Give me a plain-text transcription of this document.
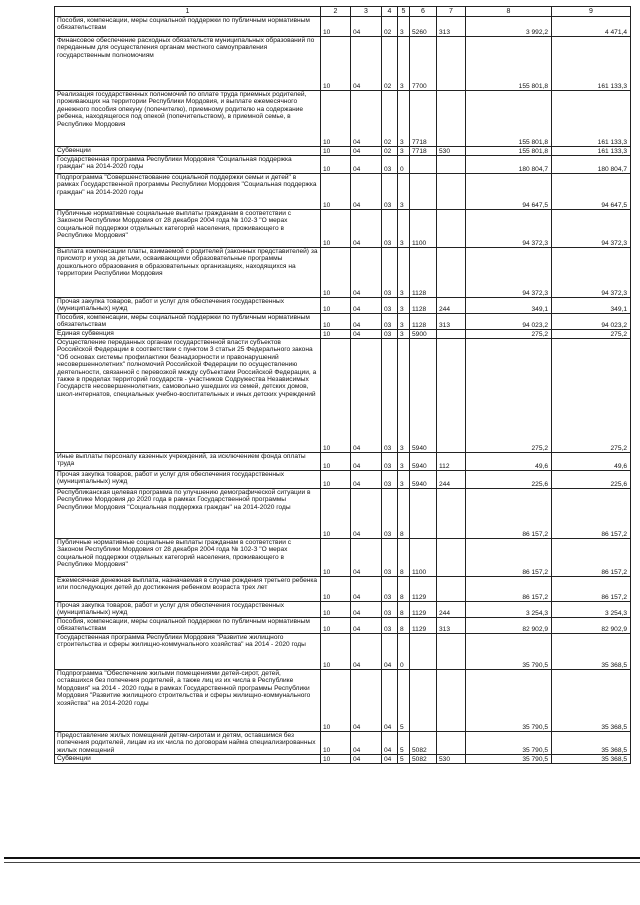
1	2	3	4	5	6	7	8	9
Пособия, компенсации, меры социальной поддержки по публичным нормативным обязательствам	10	04	02	3	5260	313	3 992,2	4 471,4
Финансовое обеспечение расходных обязательств муниципальных образований по переданным для осуществления органам местного самоуправления государственным полномочиям	10	04	02	3	7700		155 801,8	161 133,3
Реализация государственных полномочий по оплате труда приемных родителей, проживающих на территории Республики Мордовия, и выплате ежемесячного денежного пособия опекуну (попечителю), приемному родителю на содержание ребенка, находящегося под опекой (попечительством), в приемной семье, в Республике Мордовия	10	04	02	3	7718		155 801,8	161 133,3
Субвенции	10	04	02	3	7718	530	155 801,8	161 133,3
Государственная программа Республики Мордовия "Социальная поддержка граждан" на 2014-2020 годы	10	04	03	0			180 804,7	180 804,7
Подпрограмма "Совершенствование социальной поддержки семьи и детей" в рамках Государственной программы Республики Мордовия "Социальная поддержка граждан" на 2014-2020 годы	10	04	03	3			94 647,5	94 647,5
Публичные нормативные социальные выплаты гражданам в соответствии с Законом Республики Мордовия от 28 декабря 2004 года № 102-З "О мерах социальной поддержки отдельных категорий населения, проживающего в Республике Мордовия"	10	04	03	3	1100		94 372,3	94 372,3
Выплата компенсации платы, взимаемой с родителей (законных представителей) за присмотр и уход за детьми, осваивающими образовательные программы дошкольного образования в образовательных организациях, находящихся на территории Республики Мордовия	10	04	03	3	1128		94 372,3	94 372,3
Прочая закупка товаров, работ и услуг для обеспечения государственных (муниципальных) нужд	10	04	03	3	1128	244	349,1	349,1
Пособия, компенсации, меры социальной поддержки по публичным нормативным обязательствам	10	04	03	3	1128	313	94 023,2	94 023,2
Единая субвенция	10	04	03	3	5900		275,2	275,2
Осуществление переданных органам государственной власти субъектов Российской Федерации в соответствии с пунктом 3 статьи 25 Федерального закона "Об основах системы профилактики безнадзорности и правонарушений несовершеннолетних" полномочий Российской Федерации по осуществлению деятельности, связанной с перевозкой между субъектами Российской Федерации, а также в пределах территорий государств - участников Содружества Независимых Государств несовершеннолетних, самовольно ушедших из семей, детских домов, школ-интернатов, специальных учебно-воспитательных и иных детских учреждений	10	04	03	3	5940		275,2	275,2
Иные выплаты персоналу казенных учреждений, за исключением фонда оплаты труда	10	04	03	3	5940	112	49,6	49,6
Прочая закупка товаров, работ и услуг для обеспечения государственных (муниципальных) нужд	10	04	03	3	5940	244	225,6	225,6
Республиканская целевая программа по улучшению демографической ситуации в Республике Мордовия до 2020 года в рамках Государственной программы Республики Мордовия "Социальная поддержка граждан" на 2014-2020 годы	10	04	03	8			86 157,2	86 157,2
Публичные нормативные социальные выплаты гражданам в соответствии с Законом Республики Мордовия от 28 декабря 2004 года № 102-З "О мерах социальной поддержки отдельных категорий населения, проживающего в Республике Мордовия"	10	04	03	8	1100		86 157,2	86 157,2
Ежемесячная денежная выплата, назначаемая в случае рождения третьего ребенка или последующих детей до достижения ребенком возраста трех лет	10	04	03	8	1129		86 157,2	86 157,2
Прочая закупка товаров, работ и услуг для обеспечения государственных (муниципальных) нужд	10	04	03	8	1129	244	3 254,3	3 254,3
Пособия, компенсации, меры социальной поддержки по публичным нормативным обязательствам	10	04	03	8	1129	313	82 902,9	82 902,9
Государственная программа Республики Мордовия "Развитие жилищного строительства и сферы жилищно-коммунального хозяйства" на 2014 - 2020 годы	10	04	04	0			35 790,5	35 368,5
Подпрограмма "Обеспечение жилыми помещениями детей-сирот, детей, оставшихся без попечения родителей, а также лиц из их числа в Республике Мордовия" на 2014 - 2020 годы в рамках Государственной программы Республики Мордовия "Развитие жилищного строительства и сферы жилищно-коммунального хозяйства" на 2014-2020 годы	10	04	04	5			35 790,5	35 368,5
Предоставление жилых помещений детям-сиротам и детям, оставшимся без попечения родителей, лицам из их числа по договорам найма специализированных жилых помещений	10	04	04	5	5082		35 790,5	35 368,5
Субвенции	10	04	04	5	5082	530	35 790,5	35 368,5
